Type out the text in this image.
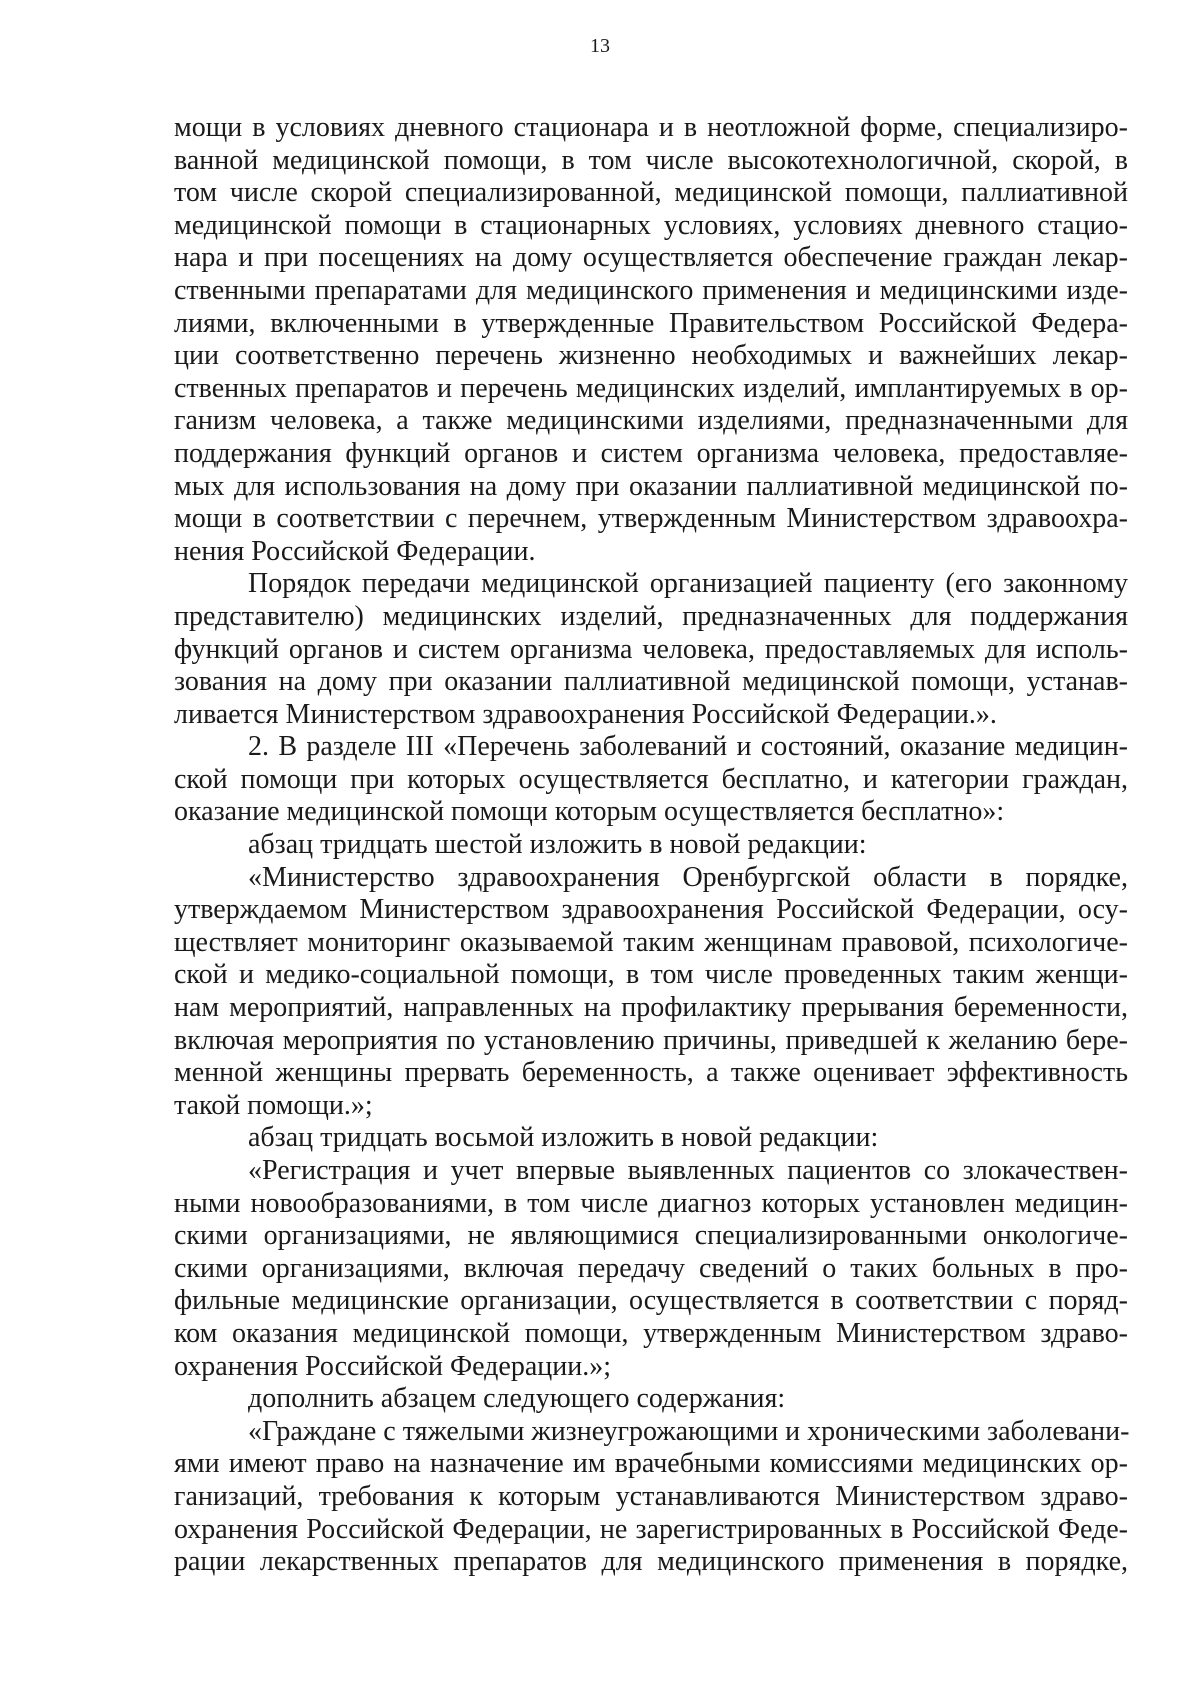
13
мощи в условиях дневного стационара и в неотложной форме, специализиро-
ванной медицинской помощи, в том числе высокотехнологичной, скорой, в
том числе скорой специализированной, медицинской помощи, паллиативной
медицинской помощи в стационарных условиях, условиях дневного стацио-
нара и при посещениях на дому осуществляется обеспечение граждан лекар-
ственными препаратами для медицинского применения и медицинскими изде-
лиями, включенными в утвержденные Правительством Российской Федера-
ции соответственно перечень жизненно необходимых и важнейших лекар-
ственных препаратов и перечень медицинских изделий, имплантируемых в ор-
ганизм человека, а также медицинскими изделиями, предназначенными для
поддержания функций органов и систем организма человека, предоставляе-
мых для использования на дому при оказании паллиативной медицинской по-
мощи в соответствии с перечнем, утвержденным Министерством здравоохра-
нения Российской Федерации.
Порядок передачи медицинской организацией пациенту (его законному
представителю) медицинских изделий, предназначенных для поддержания
функций органов и систем организма человека, предоставляемых для исполь-
зования на дому при оказании паллиативной медицинской помощи, устанав-
ливается Министерством здравоохранения Российской Федерации.».
2. В разделе III «Перечень заболеваний и состояний, оказание медицин-
ской помощи при которых осуществляется бесплатно, и категории граждан,
оказание медицинской помощи которым осуществляется бесплатно»:
абзац тридцать шестой изложить в новой редакции:
«Министерство здравоохранения Оренбургской области в порядке,
утверждаемом Министерством здравоохранения Российской Федерации, осу-
ществляет мониторинг оказываемой таким женщинам правовой, психологиче-
ской и медико-социальной помощи, в том числе проведенных таким женщи-
нам мероприятий, направленных на профилактику прерывания беременности,
включая мероприятия по установлению причины, приведшей к желанию бере-
менной женщины прервать беременность, а также оценивает эффективность
такой помощи.»;
абзац тридцать восьмой изложить в новой редакции:
«Регистрация и учет впервые выявленных пациентов со злокачествен-
ными новообразованиями, в том числе диагноз которых установлен медицин-
скими организациями, не являющимися специализированными онкологиче-
скими организациями, включая передачу сведений о таких больных в про-
фильные медицинские организации, осуществляется в соответствии с поряд-
ком оказания медицинской помощи, утвержденным Министерством здраво-
охранения Российской Федерации.»;
дополнить абзацем следующего содержания:
«Граждане с тяжелыми жизнеугрожающими и хроническими заболевани-
ями имеют право на назначение им врачебными комиссиями медицинских ор-
ганизаций, требования к которым устанавливаются Министерством здраво-
охранения Российской Федерации, не зарегистрированных в Российской Феде-
рации лекарственных препаратов для медицинского применения в порядке,
